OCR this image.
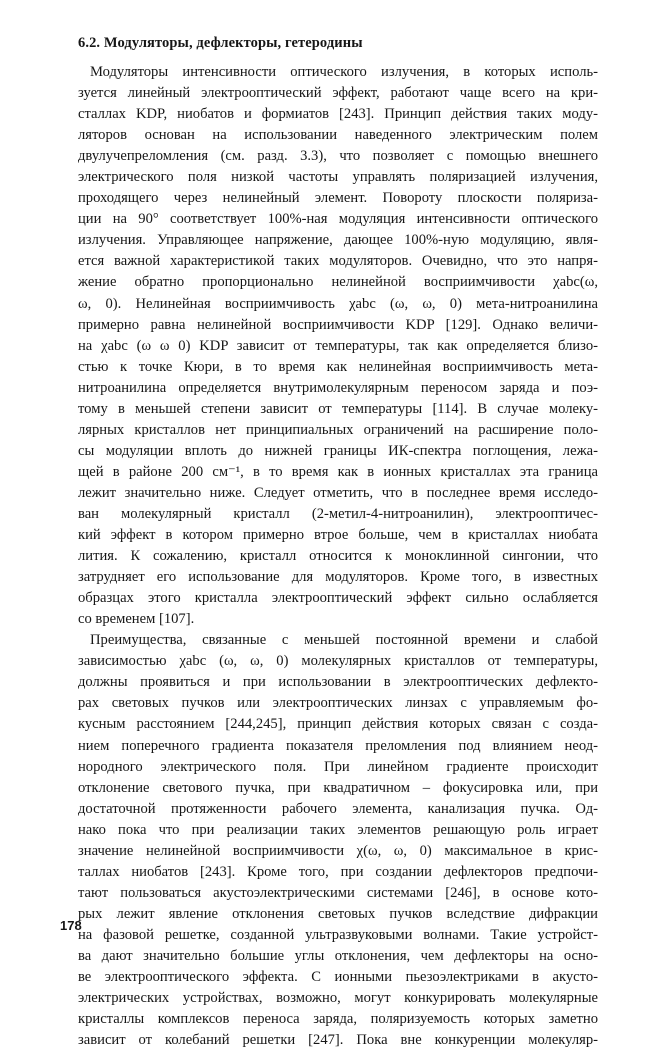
6.2. Модуляторы, дефлекторы, гетеродины
Модуляторы интенсивности оптического излучения, в которых исполь-
зуется линейный электрооптический эффект, работают чаще всего на кри-
сталлах KDP, ниобатов и формиатов [243]. Принцип действия таких моду-
ляторов основан на использовании наведенного электрическим полем
двулучепреломления (см. разд. 3.3), что позволяет с помощью внешнего
электрического поля низкой частоты управлять поляризацией излучения,
проходящего через нелинейный элемент. Повороту плоскости поляриза-
ции на 90° соответствует 100%-ная модуляция интенсивности оптического
излучения. Управляющее напряжение, дающее 100%-ную модуляцию, явля-
ется важной характеристикой таких модуляторов. Очевидно, что это напря-
жение обратно пропорционально нелинейной восприимчивости χabc(ω,
ω, 0). Нелинейная восприимчивость χabc (ω, ω, 0) мета-нитроанилина
примерно равна нелинейной восприимчивости KDP [129]. Однако величи-
на χabc (ω ω 0) KDP зависит от температуры, так как определяется близо-
стью к точке Кюри, в то время как нелинейная восприимчивость мета-
нитроанилина определяется внутримолекулярным переносом заряда и поэ-
тому в меньшей степени зависит от температуры [114]. В случае молеку-
лярных кристаллов нет принципиальных ограничений на расширение поло-
сы модуляции вплоть до нижней границы ИК-спектра поглощения, лежа-
щей в районе 200 см⁻¹, в то время как в ионных кристаллах эта граница
лежит значительно ниже. Следует отметить, что в последнее время исследо-
ван молекулярный кристалл (2-метил-4-нитроанилин), электрооптичес-
кий эффект в котором примерно втрое больше, чем в кристаллах ниобата
лития. К сожалению, кристалл относится к моноклинной сингонии, что
затрудняет его использование для модуляторов. Кроме того, в известных
образцах этого кристалла электрооптический эффект сильно ослабляется
со временем [107].
Преимущества, связанные с меньшей постоянной времени и слабой
зависимостью χabc (ω, ω, 0) молекулярных кристаллов от температуры,
должны проявиться и при использовании в электрооптических дефлекто-
рах световых пучков или электрооптических линзах с управляемым фо-
кусным расстоянием [244,245], принцип действия которых связан с созда-
нием поперечного градиента показателя преломления под влиянием неод-
нородного электрического поля. При линейном градиенте происходит
отклонение светового пучка, при квадратичном – фокусировка или, при
достаточной протяженности рабочего элемента, канализация пучка. Од-
нако пока что при реализации таких элементов решающую роль играет
значение нелинейной восприимчивости χ(ω, ω, 0) максимальное в крис-
таллах ниобатов [243]. Кроме того, при создании дефлекторов предпочи-
тают пользоваться акустоэлектрическими системами [246], в основе кото-
рых лежит явление отклонения световых пучков вследствие дифракции
на фазовой решетке, созданной ультразвуковыми волнами. Такие устройст-
ва дают значительно большие углы отклонения, чем дефлекторы на осно-
ве электрооптического эффекта. С ионными пьезоэлектриками в акусто-
электрических устройствах, возможно, могут конкурировать молекулярные
кристаллы комплексов переноса заряда, поляризуемость которых заметно
зависит от колебаний решетки [247]. Пока вне конкуренции молекуляр-
178
